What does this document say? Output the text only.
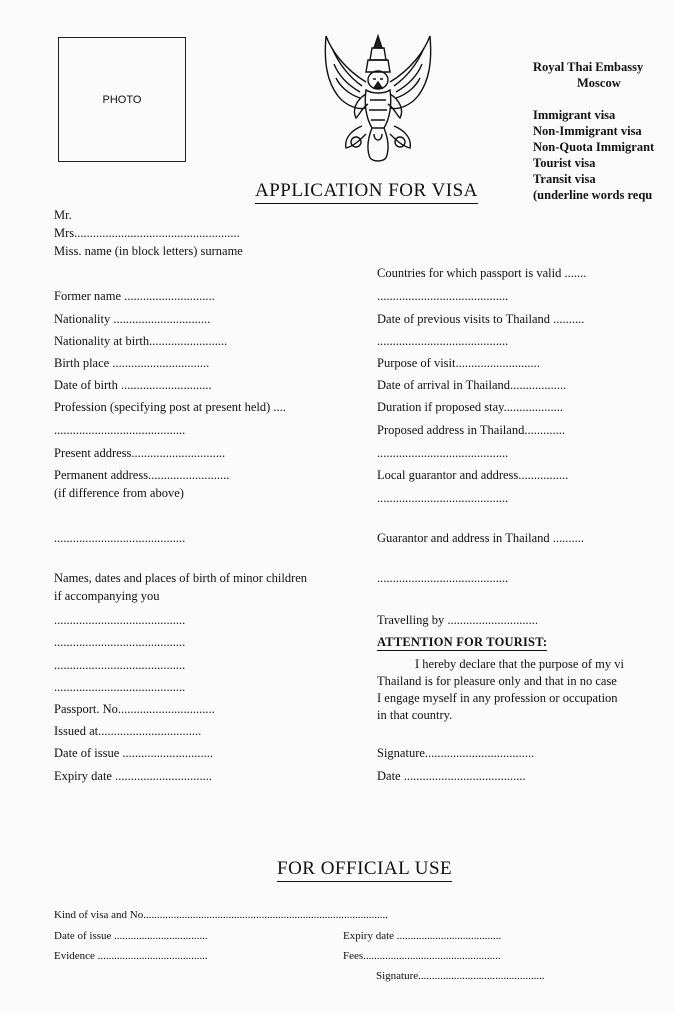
PHOTO
Royal Thai Embassy
Moscow
Immigrant visa
Non-Immigrant visa
Non-Quota Immigrant
Tourist visa
Transit visa
(underline words requ
APPLICATION FOR VISA
Mr.
Mrs.....................................................
Miss. name (in block letters) surname
Former name .............................
Nationality ...............................
Nationality at birth.........................
Birth place ...............................
Date of birth .............................
Profession (specifying post at present held) ....
..........................................
Present address..............................
Permanent address..........................
(if difference from above)
..........................................
Names, dates and places of birth of minor children
if accompanying you
..........................................
..........................................
..........................................
..........................................
Passport. No...............................
Issued at.................................
Date of issue .............................
Expiry date ...............................
Countries for which passport is valid .......
..........................................
Date of previous visits to Thailand ..........
..........................................
Purpose of visit...........................
Date of arrival in Thailand..................
Duration if proposed stay...................
Proposed address in Thailand.............
..........................................
Local guarantor and address................
..........................................
Guarantor and address in Thailand ..........
..........................................
Travelling by .............................
ATTENTION FOR TOURIST:

I hereby declare that the purpose of my vi

Thailand is for pleasure only and that in no case

I engage myself in any profession or occupation

in that country.

Signature...................................
Date .......................................
FOR OFFICIAL USE
Kind of visa and No.........................................................................................
Date of issue ..................................	Expiry date ......................................
Evidence ........................................	Fees..................................................
Signature..............................................
